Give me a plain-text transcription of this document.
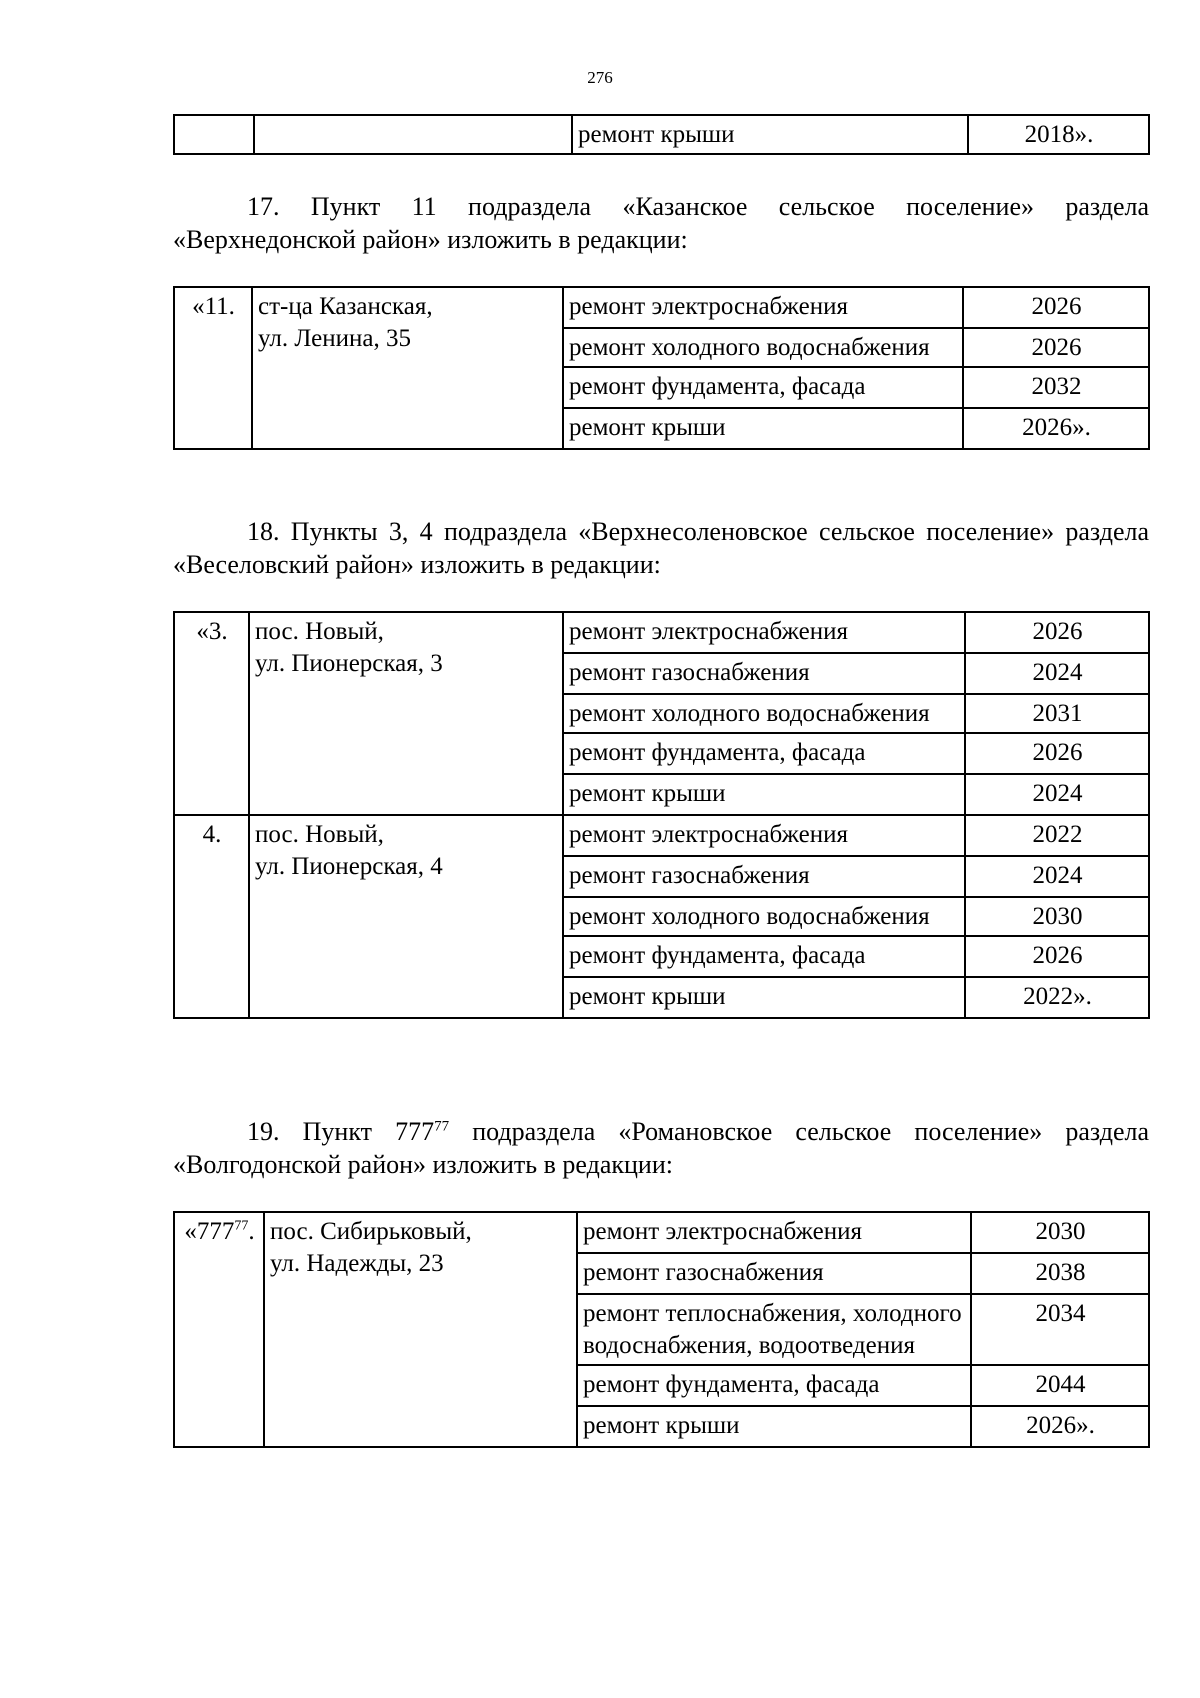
276
		ремонт крыши	2018».
17. Пункт 11 подраздела «Казанское сельское поселение» раздела «Верхнедонской район» изложить в редакции:
«11.	ст-ца Казанская,
ул. Ленина, 35	ремонт электроснабжения	2026
		ремонт холодного водоснабжения	2026
		ремонт фундамента, фасада	2032
		ремонт крыши	2026».
18. Пункты 3, 4 подраздела «Верхнесоленовское сельское поселение» раздела «Веселовский район» изложить в редакции:
«3.	пос. Новый,
ул. Пионерская, 3	ремонт электроснабжения	2026
		ремонт газоснабжения	2024
		ремонт холодного водоснабжения	2031
		ремонт фундамента, фасада	2026
		ремонт крыши	2024
4.	пос. Новый,
ул. Пионерская, 4	ремонт электроснабжения	2022
		ремонт газоснабжения	2024
		ремонт холодного водоснабжения	2030
		ремонт фундамента, фасада	2026
		ремонт крыши	2022».
19. Пункт $777^{77}$ подраздела «Романовское сельское поселение» раздела «Волгодонской район» изложить в редакции:
«$777^{77}$.	пос. Сибирьковый,
ул. Надежды, 23	ремонт электроснабжения	2030
		ремонт газоснабжения	2038
		ремонт теплоснабжения, холодного водоснабжения, водоотведения	2034
		ремонт фундамента, фасада	2044
		ремонт крыши	2026».
